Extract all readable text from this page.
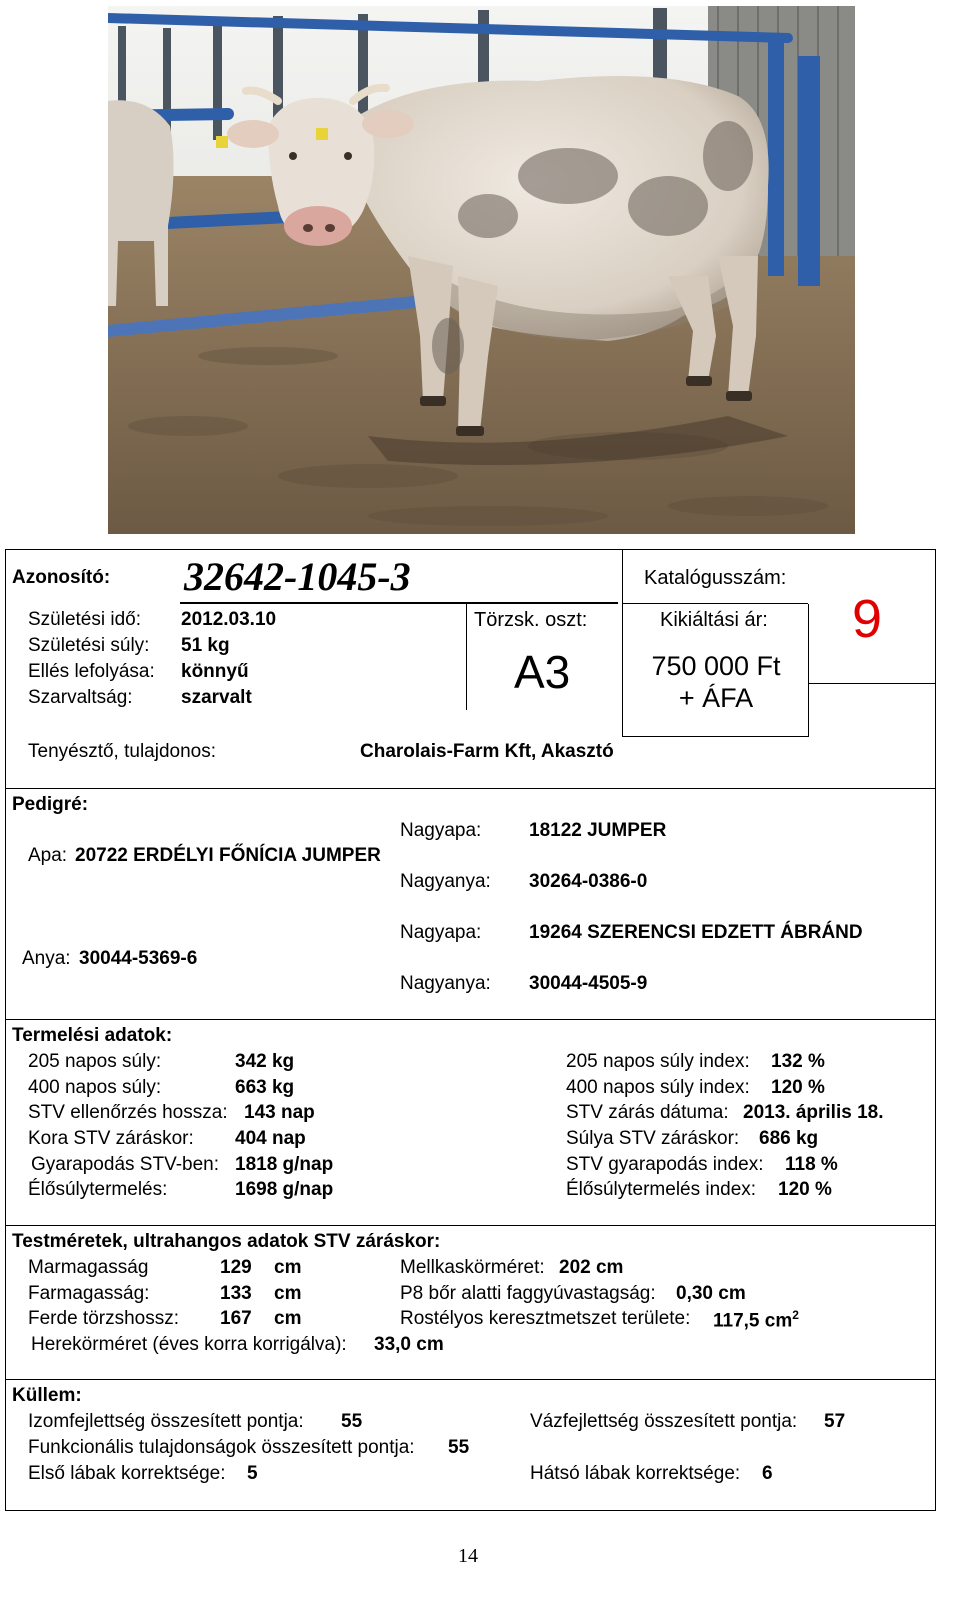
Azonosító: 32642-1045-3	Katalógusszám:
9
Törzsk. oszt:
A3
Kikiáltási ár:
750 000 Ft
+ ÁFA
Születési idő: 2012.03.10
Születési súly: 51 kg
Ellés lefolyása: könnyű
Szarvaltság:	szarvalt
Tenyésztő, tulajdonos:	Charolais-Farm Kft, Akasztó
Pedigré:
Nagyapa:	18122 JUMPER
Apa: 20722 ERDÉLYI FŐNÍCIA JUMPER
Nagyanya: 30264-0386-0
Nagyapa:	19264 SZERENCSI EDZETT ÁBRÁND
Anya: 30044-5369-6
Nagyanya: 30044-4505-9
Termelési adatok:
205 napos súly:	342 kg
400 napos súly:	663 kg
STV ellenőrzés hossza: 143 nap
Kora STV záráskor: 404 nap
Gyarapodás STV-ben: 1818 g/nap
Élősúlytermelés:	1698 g/nap
205 napos súly index: 132 %
400 napos súly index: 120 %
STV zárás dátuma: 2013. április 18.
Súlya STV záráskor: 686 kg
STV gyarapodás index: 118 %
Élősúlytermelés index: 120 %
Testméretek, ultrahangos adatok STV záráskor:
Marmagasság	129 cm
Farmagasság:	133 cm
Ferde törzshossz: 167 cm
Herekörméret (éves korra korrigálva): 33,0 cm
Mellkaskörméret: 202 cm
P8 bőr alatti faggyúvastagság: 0,30 cm
Rostélyos keresztmetszet területe: 117,5 $cm^2$
Küllem:
Izomfejlettség összesített pontja: 55	Vázfejlettség összesített pontja: 57
Funkcionális tulajdonságok összesített pontja: 55
Első lábak korrektsége: 5	Hátsó lábak korrektsége: 6
14
